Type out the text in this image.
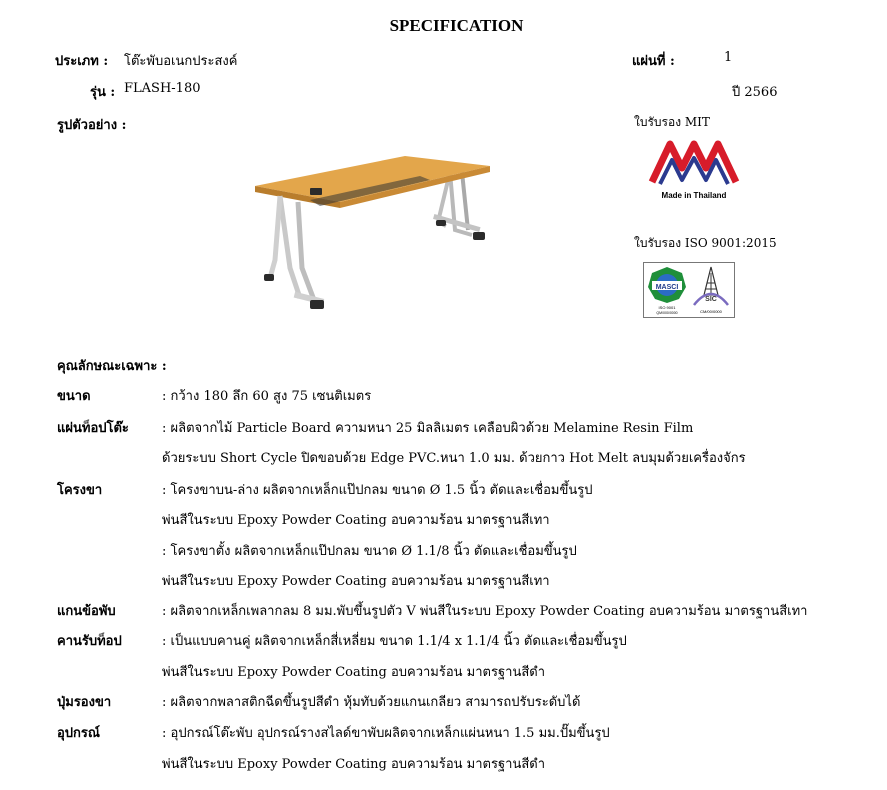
SPECIFICATION
ประเภท : โต๊ะพับอเนกประสงค์
รุ่น : FLASH-180
รูปตัวอย่าง :
แผ่นที่ :	1
ปี 2566
ใบรับรอง MIT
ใบรับรอง ISO 9001:2015
Made in Thailand
MASCI
ISO 9001
QM/000/0000
SIC
CM/00/0000
คุณลักษณะเฉพาะ :
ขนาด	: กว้าง 180 ลึก 60 สูง 75 เซนติเมตร
แผ่นท็อปโต๊ะ	: ผลิตจากไม้ Particle Board ความหนา 25 มิลลิเมตร เคลือบผิวด้วย Melamine Resin Film
ด้วยระบบ Short Cycle ปิดขอบด้วย Edge PVC.หนา 1.0 มม. ด้วยกาว Hot Melt ลบมุมด้วยเครื่องจักร
โครงขา	: โครงขาบน-ล่าง ผลิตจากเหล็กแป๊ปกลม ขนาด Ø 1.5 นิ้ว ตัดและเชื่อมขึ้นรูป
พ่นสีในระบบ Epoxy Powder Coating อบความร้อน มาตรฐานสีเทา
: โครงขาตั้ง ผลิตจากเหล็กแป๊ปกลม ขนาด Ø 1.1/8 นิ้ว ตัดและเชื่อมขึ้นรูป
พ่นสีในระบบ Epoxy Powder Coating อบความร้อน มาตรฐานสีเทา
แกนข้อพับ	: ผลิตจากเหล็กเพลากลม 8 มม.พับขึ้นรูปตัว V พ่นสีในระบบ Epoxy Powder Coating อบความร้อน มาตรฐานสีเทา
คานรับท็อป	: เป็นแบบคานคู่ ผลิตจากเหล็กสี่เหลี่ยม ขนาด 1.1/4 x 1.1/4 นิ้ว ตัดและเชื่อมขึ้นรูป
พ่นสีในระบบ Epoxy Powder Coating อบความร้อน มาตรฐานสีดำ
ปุ่มรองขา	: ผลิตจากพลาสติกฉีดขึ้นรูปสีดำ หุ้มทับด้วยแกนเกลียว สามารถปรับระดับได้
อุปกรณ์	: อุปกรณ์โต๊ะพับ อุปกรณ์รางสไลด์ขาพับผลิตจากเหล็กแผ่นหนา 1.5 มม.ปั๊มขึ้นรูป
พ่นสีในระบบ Epoxy Powder Coating อบความร้อน มาตรฐานสีดำ
